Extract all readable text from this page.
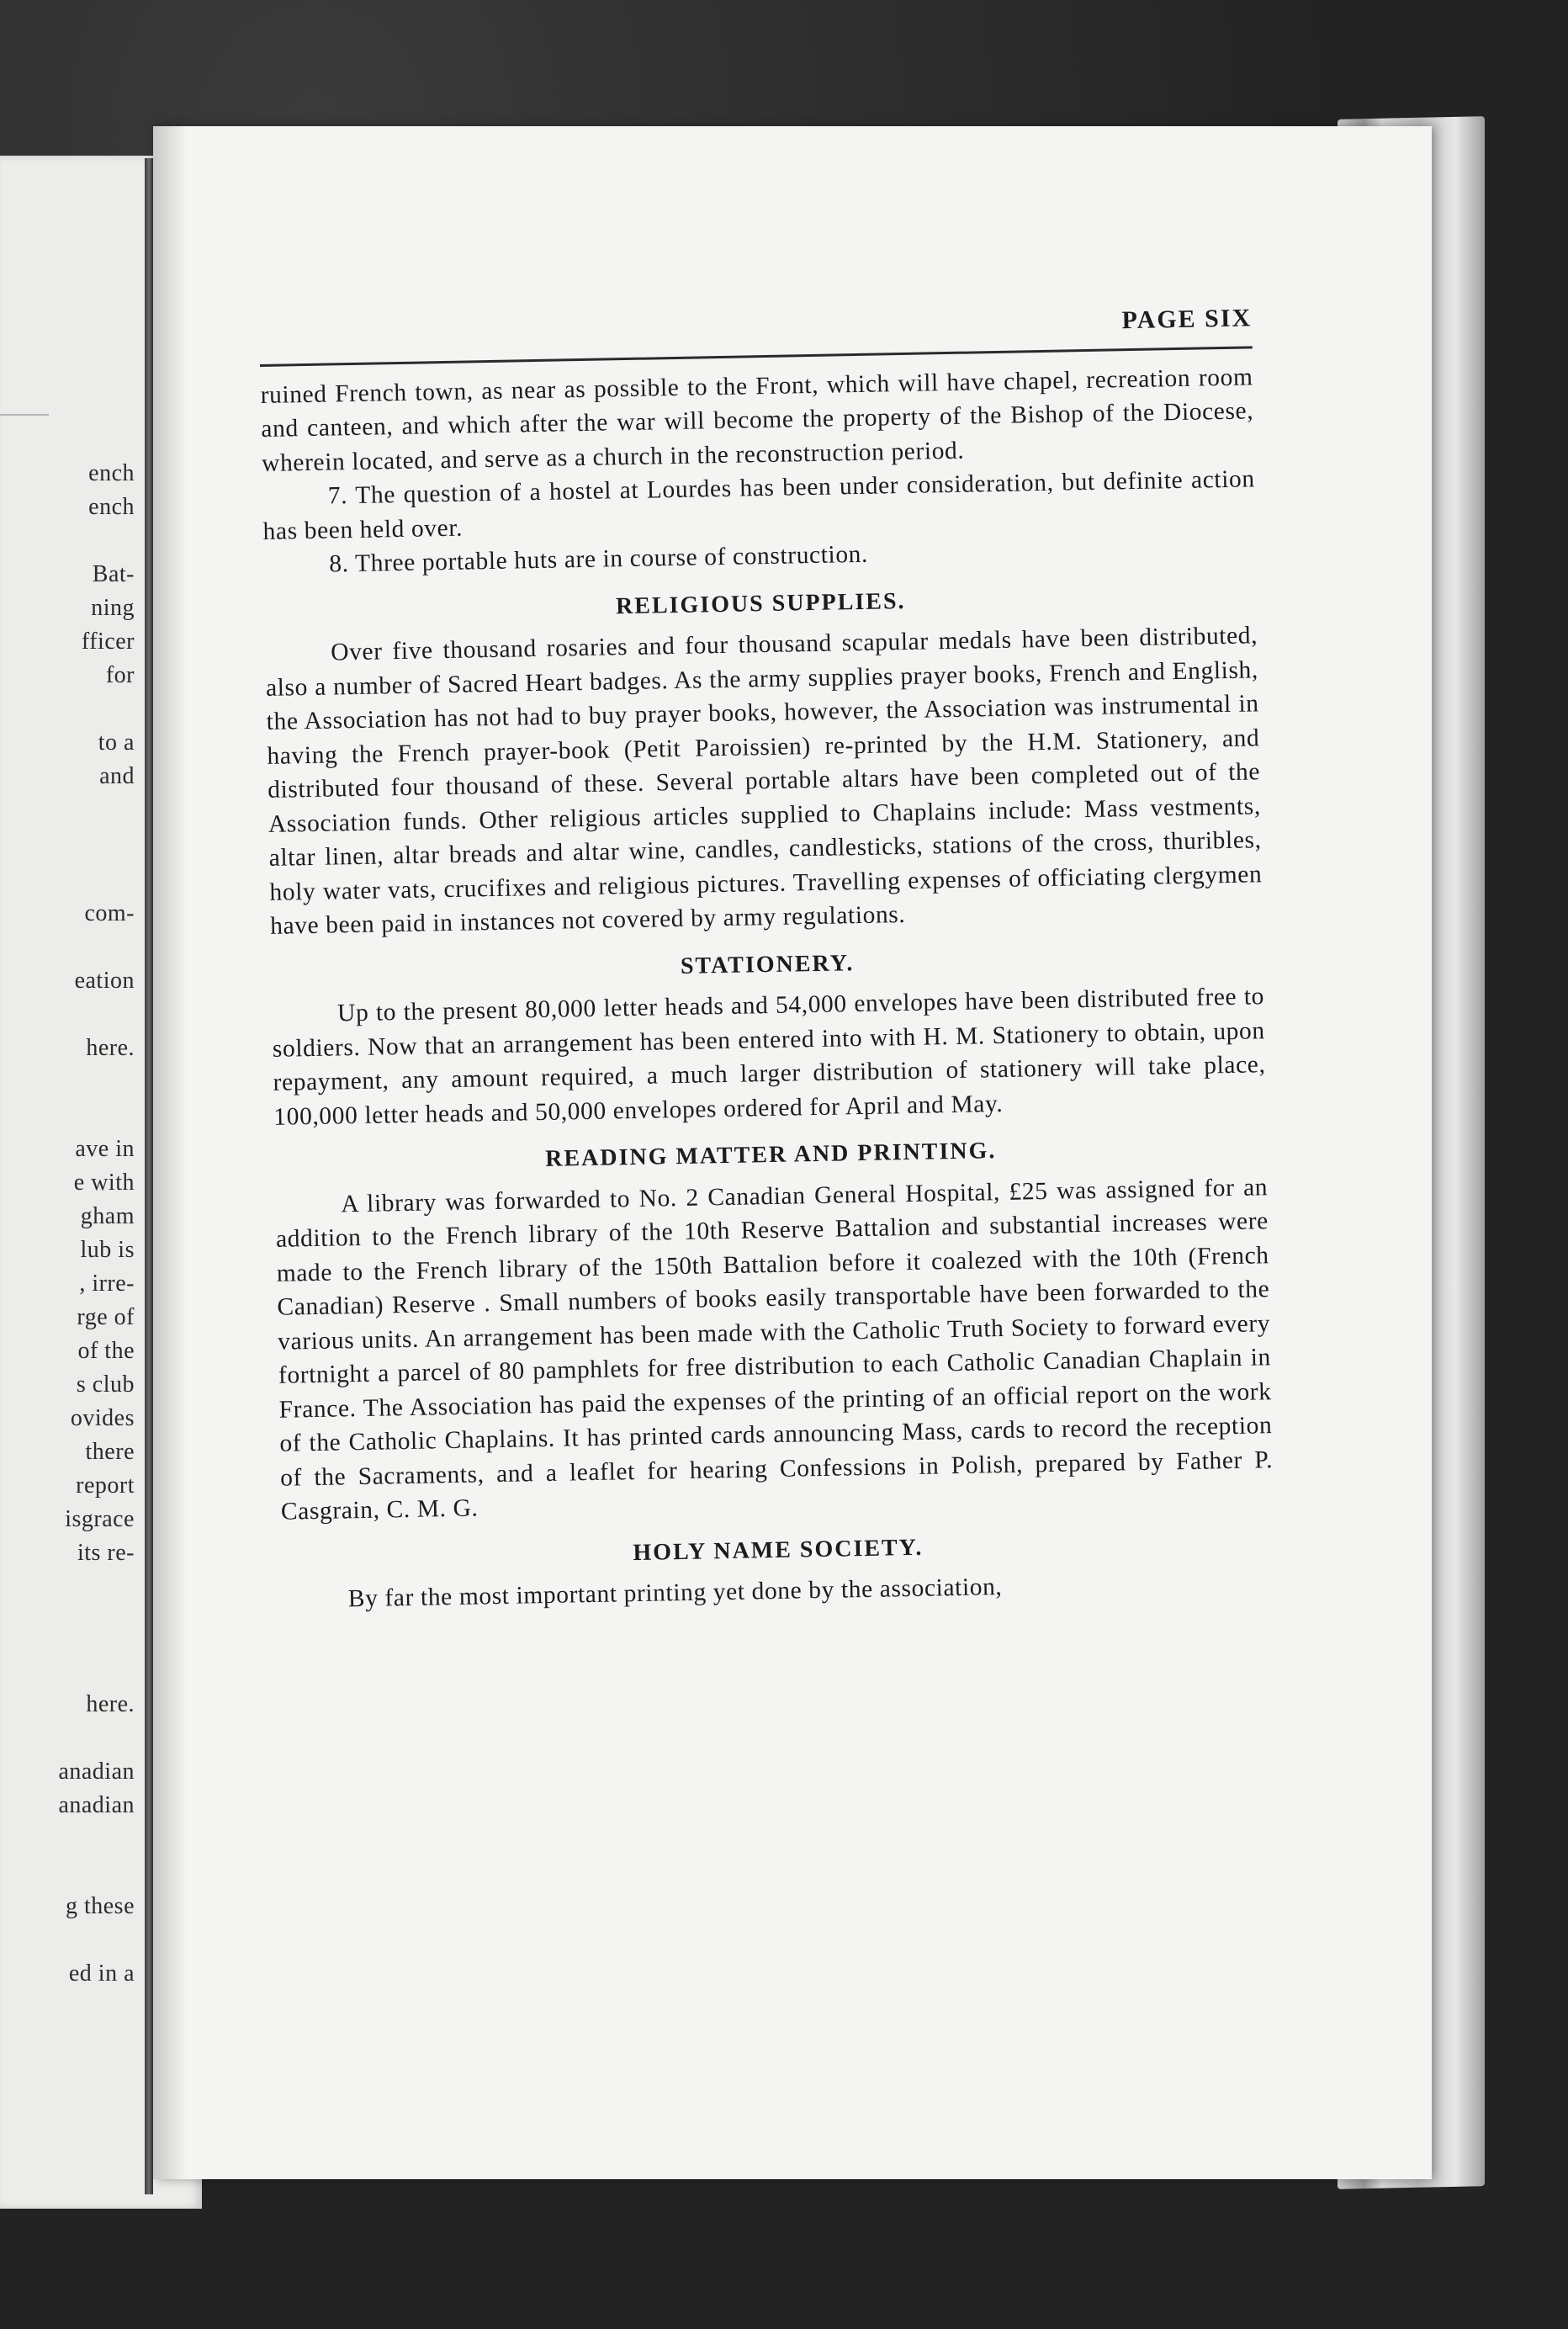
ench
ench
Bat-
ning
fficer
for
to a
and
com-
eation
here.
ave in
e with
gham
lub is
, irre-
rge of
of the
s club
ovides
there
report
isgrace
its re-
here.
anadian
anadian
g these
ed in a
PAGE SIX

ruined French town, as near as possible to the Front, which will have chapel, recreation room and canteen, and which after the war will become the property of the Bishop of the Diocese, wherein located, and serve as a church in the reconstruction period.

7. The question of a hostel at Lourdes has been under consideration, but definite action has been held over.

8. Three portable huts are in course of construction.

RELIGIOUS SUPPLIES.

Over five thousand rosaries and four thousand scapular medals have been distributed, also a number of Sacred Heart badges. As the army supplies prayer books, French and English, the Association has not had to buy prayer books, however, the Association was instrumental in having the French prayer-book (Petit Paroissien) re-printed by the H.M. Stationery, and distributed four thousand of these. Several portable altars have been completed out of the Association funds. Other religious articles supplied to Chaplains include: Mass vestments, altar linen, altar breads and altar wine, candles, candlesticks, stations of the cross, thuribles, holy water vats, crucifixes and religious pictures. Travelling expenses of officiating clergymen have been paid in instances not covered by army regulations.

STATIONERY.

Up to the present 80,000 letter heads and 54,000 envelopes have been distributed free to soldiers. Now that an arrangement has been entered into with H. M. Stationery to obtain, upon repayment, any amount required, a much larger distribution of stationery will take place, 100,000 letter heads and 50,000 envelopes ordered for April and May.

READING MATTER AND PRINTING.

A library was forwarded to No. 2 Canadian General Hospital, £25 was assigned for an addition to the French library of the 10th Reserve Battalion and substantial increases were made to the French library of the 150th Battalion before it coalezed with the 10th (French Canadian) Reserve . Small numbers of books easily transportable have been forwarded to the various units. An arrangement has been made with the Catholic Truth Society to forward every fortnight a parcel of 80 pamphlets for free distribution to each Catholic Canadian Chaplain in France. The Association has paid the expenses of the printing of an official report on the work of the Catholic Chaplains. It has printed cards announcing Mass, cards to record the reception of the Sacraments, and a leaflet for hearing Confessions in Polish, prepared by Father P. Casgrain, C. M. G.

HOLY NAME SOCIETY.

By far the most important printing yet done by the association,
